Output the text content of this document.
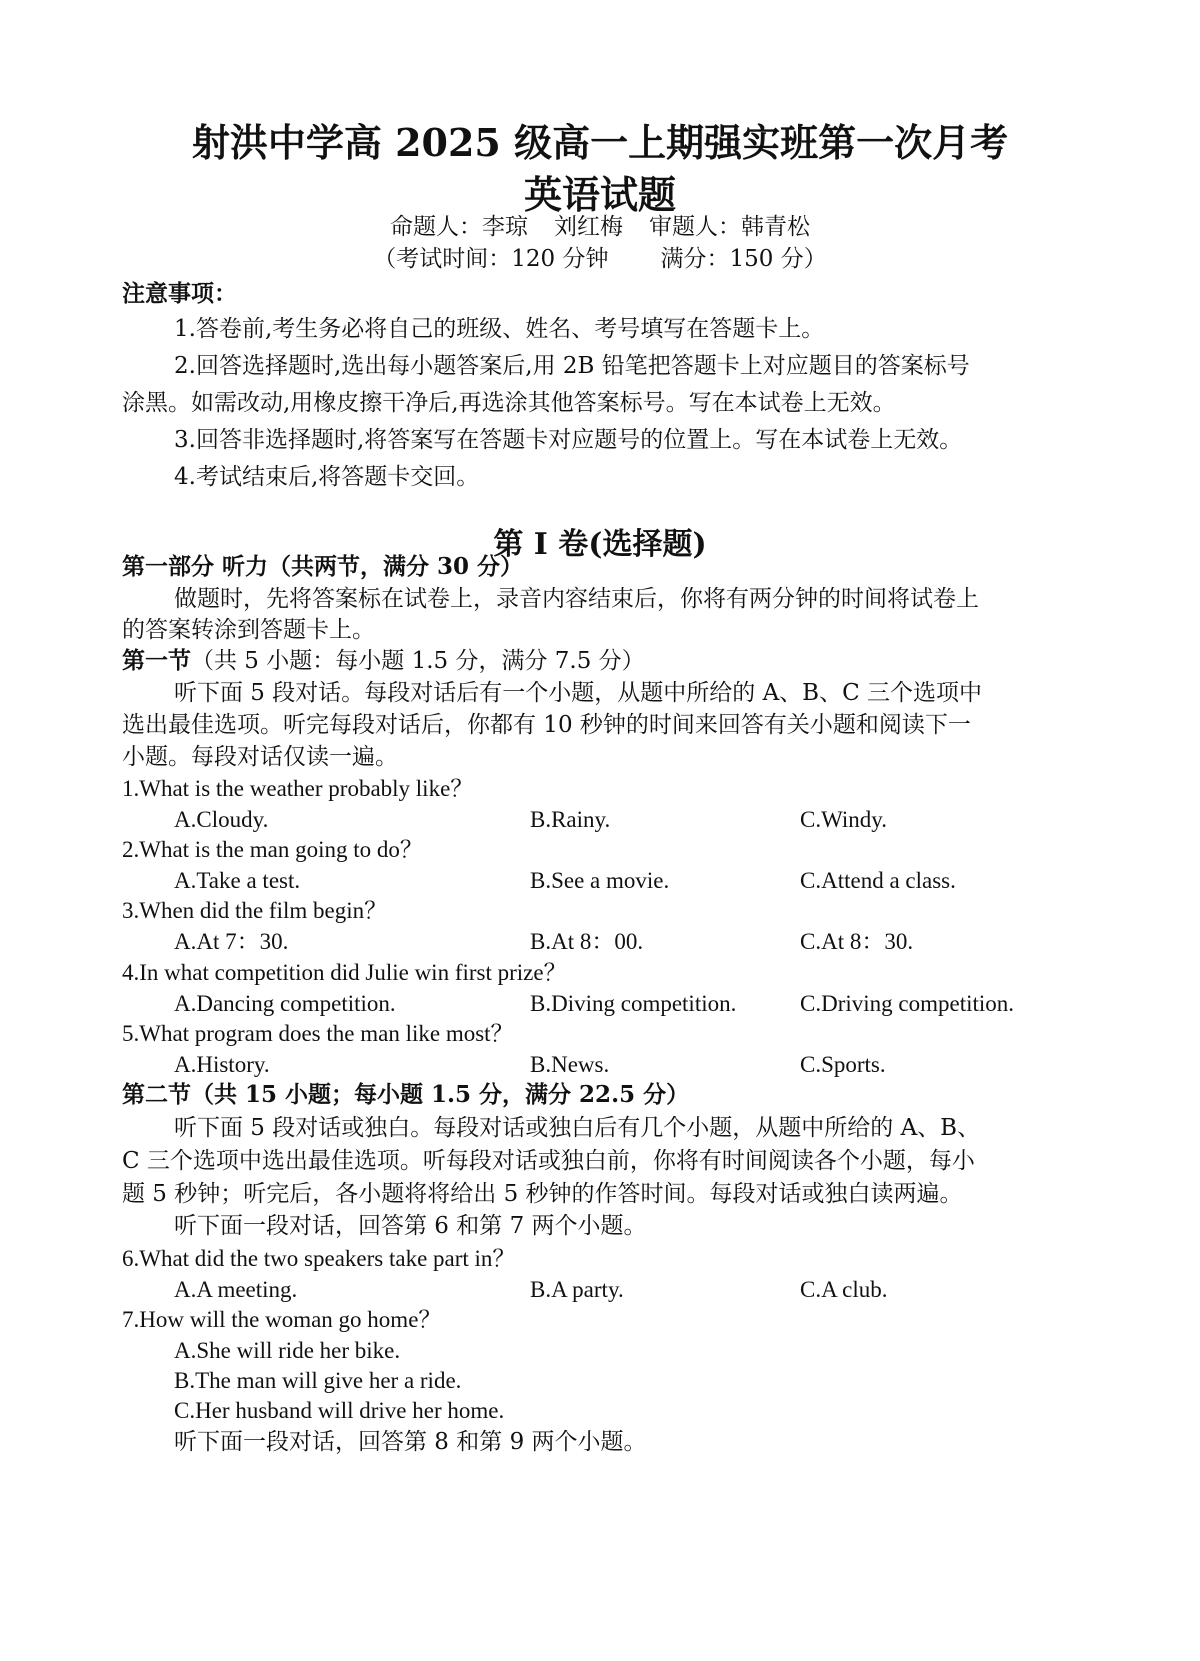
射洪中学高 2025 级高一上期强实班第一次月考
英语试题
命题人：李琼 刘红梅 审题人：韩青松
（考试时间：120 分钟 满分：150 分）
注意事项：
1.答卷前,考生务必将自己的班级、姓名、考号填写在答题卡上。
2.回答选择题时,选出每小题答案后,用 2B 铅笔把答题卡上对应题目的答案标号
涂黑。如需改动,用橡皮擦干净后,再选涂其他答案标号。写在本试卷上无效。
3.回答非选择题时,将答案写在答题卡对应题号的位置上。写在本试卷上无效。
4.考试结束后,将答题卡交回。
第 I 卷(选择题)
第一部分 听力（共两节，满分 30 分）
做题时，先将答案标在试卷上，录音内容结束后，你将有两分钟的时间将试卷上
的答案转涂到答题卡上。
第一节（共 5 小题：每小题 1.5 分，满分 7.5 分）
听下面 5 段对话。每段对话后有一个小题，从题中所给的 A、B、C 三个选项中
选出最佳选项。听完每段对话后，你都有 10 秒钟的时间来回答有关小题和阅读下一
小题。每段对话仅读一遍。
1.What is the weather probably like？
A.Cloudy.	B.Rainy.	C.Windy.
2.What is the man going to do？
A.Take a test.	B.See a movie.	C.Attend a class.
3.When did the film begin？
A.At 7：30.	B.At 8：00.	C.At 8：30.
4.In what competition did Julie win first prize？
A.Dancing competition.	B.Diving competition.	C.Driving competition.
5.What program does the man like most？
A.History.	B.News.	C.Sports.
第二节（共 15 小题；每小题 1.5 分，满分 22.5 分）
听下面 5 段对话或独白。每段对话或独白后有几个小题，从题中所给的 A、B、
C 三个选项中选出最佳选项。听每段对话或独白前，你将有时间阅读各个小题，每小
题 5 秒钟；听完后，各小题将将给出 5 秒钟的作答时间。每段对话或独白读两遍。
听下面一段对话，回答第 6 和第 7 两个小题。
6.What did the two speakers take part in？
A.A meeting.	B.A party.	C.A club.
7.How will the woman go home？
A.She will ride her bike.
B.The man will give her a ride.
C.Her husband will drive her home.
听下面一段对话，回答第 8 和第 9 两个小题。
